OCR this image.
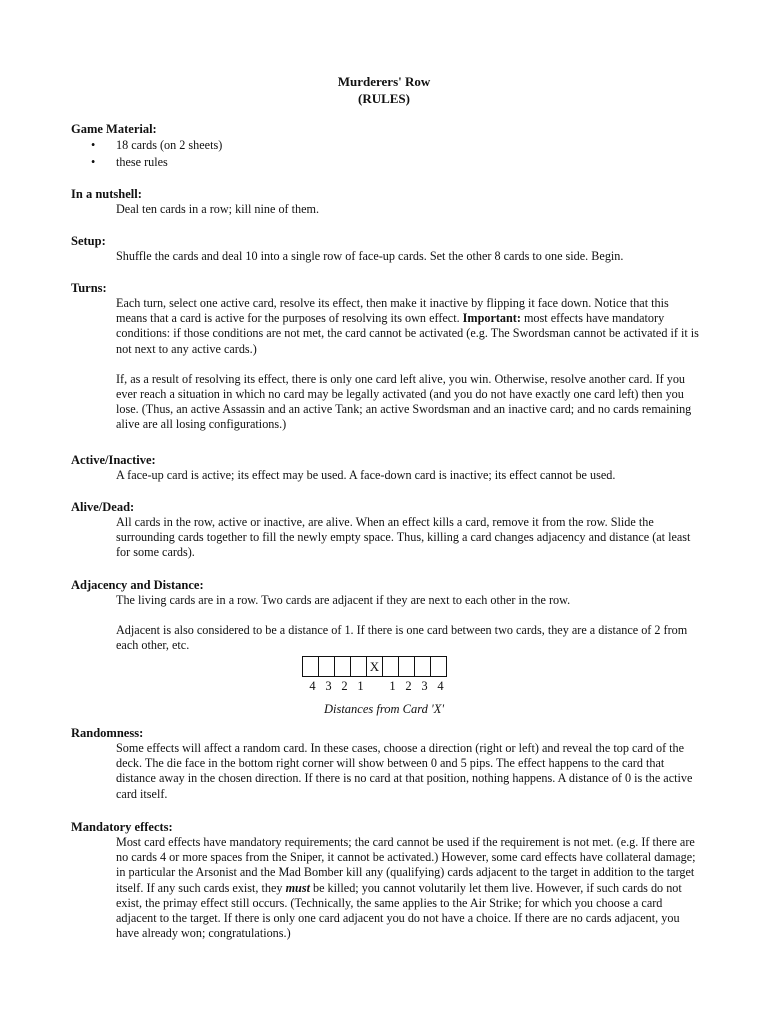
Murderers' Row
(RULES)

Game Material:

• 18 cards (on 2 sheets)
• these rules

In a nutshell:

Deal ten cards in a row; kill nine of them.

Setup:

Shuffle the cards and deal 10 into a single row of face-up cards. Set the other 8 cards to one side. Begin.

Turns:

Each turn, select one active card, resolve its effect, then make it inactive by flipping it face down. Notice that this means that a card is active for the purposes of resolving its own effect. Important: most effects have mandatory conditions: if those conditions are not met, the card cannot be activated (e.g. The Swordsman cannot be activated if it is not next to any active cards.)

If, as a result of resolving its effect, there is only one card left alive, you win. Otherwise, resolve another card. If you ever reach a situation in which no card may be legally activated (and you do not have exactly one card left) then you lose. (Thus, an active Assassin and an active Tank; an active Swordsman and an inactive card; and no cards remaining alive are all losing configurations.)

Active/Inactive:

A face-up card is active; its effect may be used. A face-down card is inactive; its effect cannot be used.

Alive/Dead:

All cards in the row, active or inactive, are alive. When an effect kills a card, remove it from the row. Slide the surrounding cards together to fill the newly empty space. Thus, killing a card changes adjacency and distance (at least for some cards).

Adjacency and Distance:

The living cards are in a row. Two cards are adjacent if they are next to each other in the row.

Adjacent is also considered to be a distance of 1. If there is one card between two cards, they are a distance of 2 from each other, etc.

X
4 3 2 1	1 2 3 4
Distances from Card 'X'

Randomness:

Some effects will affect a random card. In these cases, choose a direction (right or left) and reveal the top card of the deck. The die face in the bottom right corner will show between 0 and 5 pips. The effect happens to the card that distance away in the chosen direction. If there is no card at that position, nothing happens. A distance of 0 is the active card itself.

Mandatory effects:

Most card effects have mandatory requirements; the card cannot be used if the requirement is not met. (e.g. If there are no cards 4 or more spaces from the Sniper, it cannot be activated.) However, some card effects have collateral damage; in particular the Arsonist and the Mad Bomber kill any (qualifying) cards adjacent to the target in addition to the target itself. If any such cards exist, they must be killed; you cannot volutarily let them live. However, if such cards do not exist, the primay effect still occurs. (Technically, the same applies to the Air Strike; for which you choose a card adjacent to the target. If there is only one card adjacent you do not have a choice. If there are no cards adjacent, you have already won; congratulations.)
